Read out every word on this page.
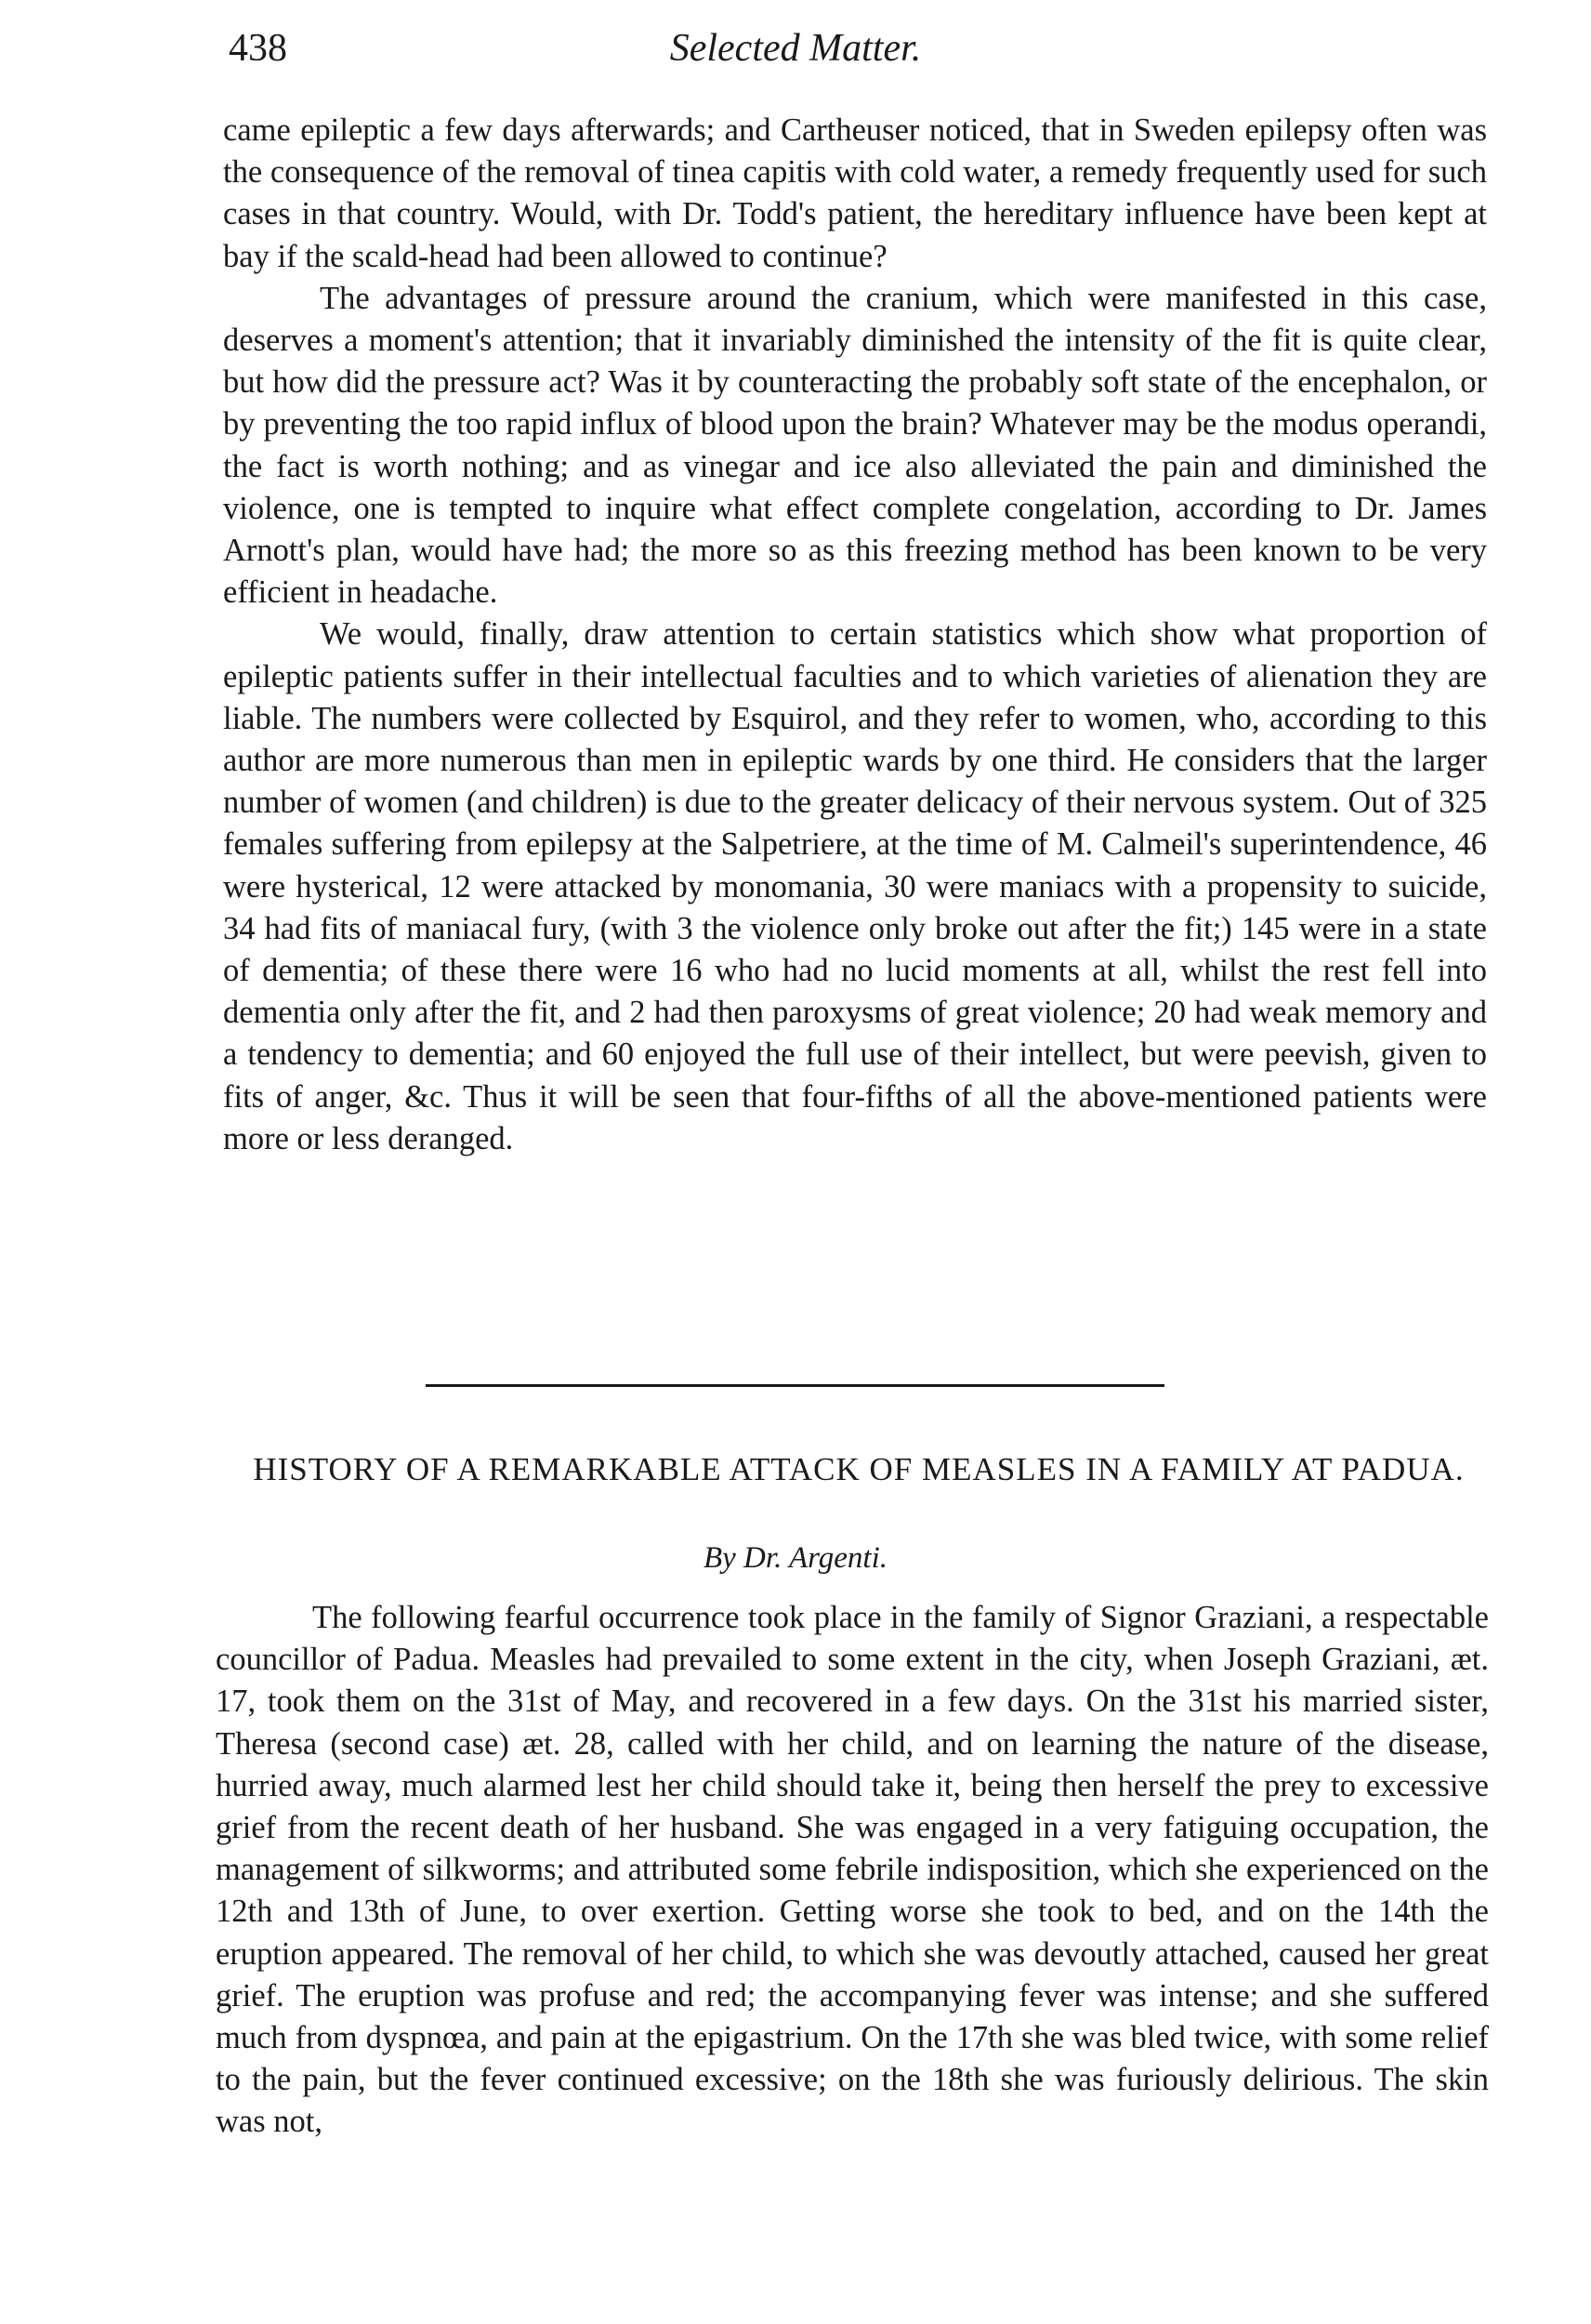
438	Selected Matter.

came epileptic a few days afterwards; and Cartheuser noticed, that in Sweden epilepsy often was the consequence of the removal of tinea capitis with cold water, a remedy frequently used for such cases in that country. Would, with Dr. Todd's patient, the hereditary influence have been kept at bay if the scald-head had been allowed to continue?

The advantages of pressure around the cranium, which were manifested in this case, deserves a moment's attention; that it invariably diminished the intensity of the fit is quite clear, but how did the pressure act? Was it by counteracting the probably soft state of the encephalon, or by preventing the too rapid influx of blood upon the brain? Whatever may be the modus operandi, the fact is worth nothing; and as vinegar and ice also alleviated the pain and diminished the violence, one is tempted to inquire what effect complete congelation, according to Dr. James Arnott's plan, would have had; the more so as this freezing method has been known to be very efficient in headache.

We would, finally, draw attention to certain statistics which show what proportion of epileptic patients suffer in their intellectual faculties and to which varieties of alienation they are liable. The numbers were collected by Esquirol, and they refer to women, who, according to this author are more numerous than men in epileptic wards by one third. He considers that the larger number of women (and children) is due to the greater delicacy of their nervous system. Out of 325 females suffering from epilepsy at the Salpetriere, at the time of M. Calmeil's superintendence, 46 were hysterical, 12 were attacked by monomania, 30 were maniacs with a propensity to suicide, 34 had fits of maniacal fury, (with 3 the violence only broke out after the fit;) 145 were in a state of dementia; of these there were 16 who had no lucid moments at all, whilst the rest fell into dementia only after the fit, and 2 had then paroxysms of great violence; 20 had weak memory and a tendency to dementia; and 60 enjoyed the full use of their intellect, but were peevish, given to fits of anger, &c. Thus it will be seen that four-fifths of all the above-mentioned patients were more or less deranged.

HISTORY OF A REMARKABLE ATTACK OF MEASLES IN A FAMILY AT PADUA.
By Dr. Argenti.

The following fearful occurrence took place in the family of Signor Graziani, a respectable councillor of Padua. Measles had prevailed to some extent in the city, when Joseph Graziani, æt. 17, took them on the 31st of May, and recovered in a few days. On the 31st his married sister, Theresa (second case) æt. 28, called with her child, and on learning the nature of the disease, hurried away, much alarmed lest her child should take it, being then herself the prey to excessive grief from the recent death of her husband. She was engaged in a very fatiguing occupation, the management of silkworms; and attributed some febrile indisposition, which she experienced on the 12th and 13th of June, to over exertion. Getting worse she took to bed, and on the 14th the eruption appeared. The removal of her child, to which she was devoutly attached, caused her great grief. The eruption was profuse and red; the accompanying fever was intense; and she suffered much from dyspnœa, and pain at the epigastrium. On the 17th she was bled twice, with some relief to the pain, but the fever continued excessive; on the 18th she was furiously delirious. The skin was not,
